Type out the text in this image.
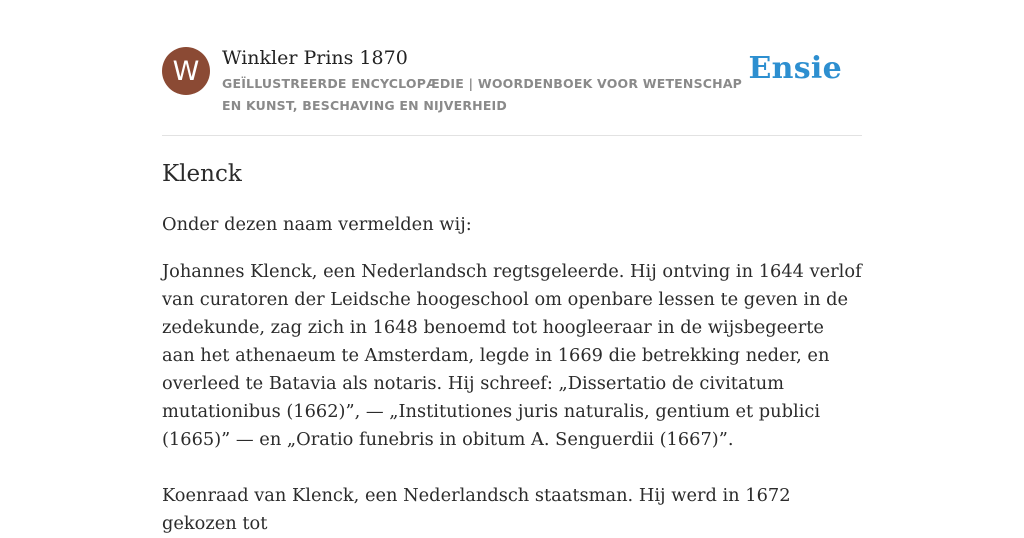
W	Winkler Prins 1870
GEÏLLUSTREERDE ENCYCLOPÆDIE | WOORDENBOEK VOOR WETENSCHAP EN KUNST, BESCHAVING EN NIJVERHEID
Ensie
Klenck

Onder dezen naam vermelden wij:

Johannes Klenck, een Nederlandsch regtsgeleerde. Hij ontving in 1644 verlof van curatoren der Leidsche hoogeschool om openbare lessen te geven in de zedekunde, zag zich in 1648 benoemd tot hoogleeraar in de wijsbegeerte aan het athenaeum te Amsterdam, legde in 1669 die betrekking neder, en overleed te Batavia als notaris. Hij schreef: „Dissertatio de civitatum mutationibus (1662)”, — „Institutiones juris naturalis, gentium et publici (1665)” — en „Oratio funebris in obitum A. Senguerdii (1667)”.

Koenraad van Klenck, een Nederlandsch staatsman. Hij werd in 1672 gekozen tot
